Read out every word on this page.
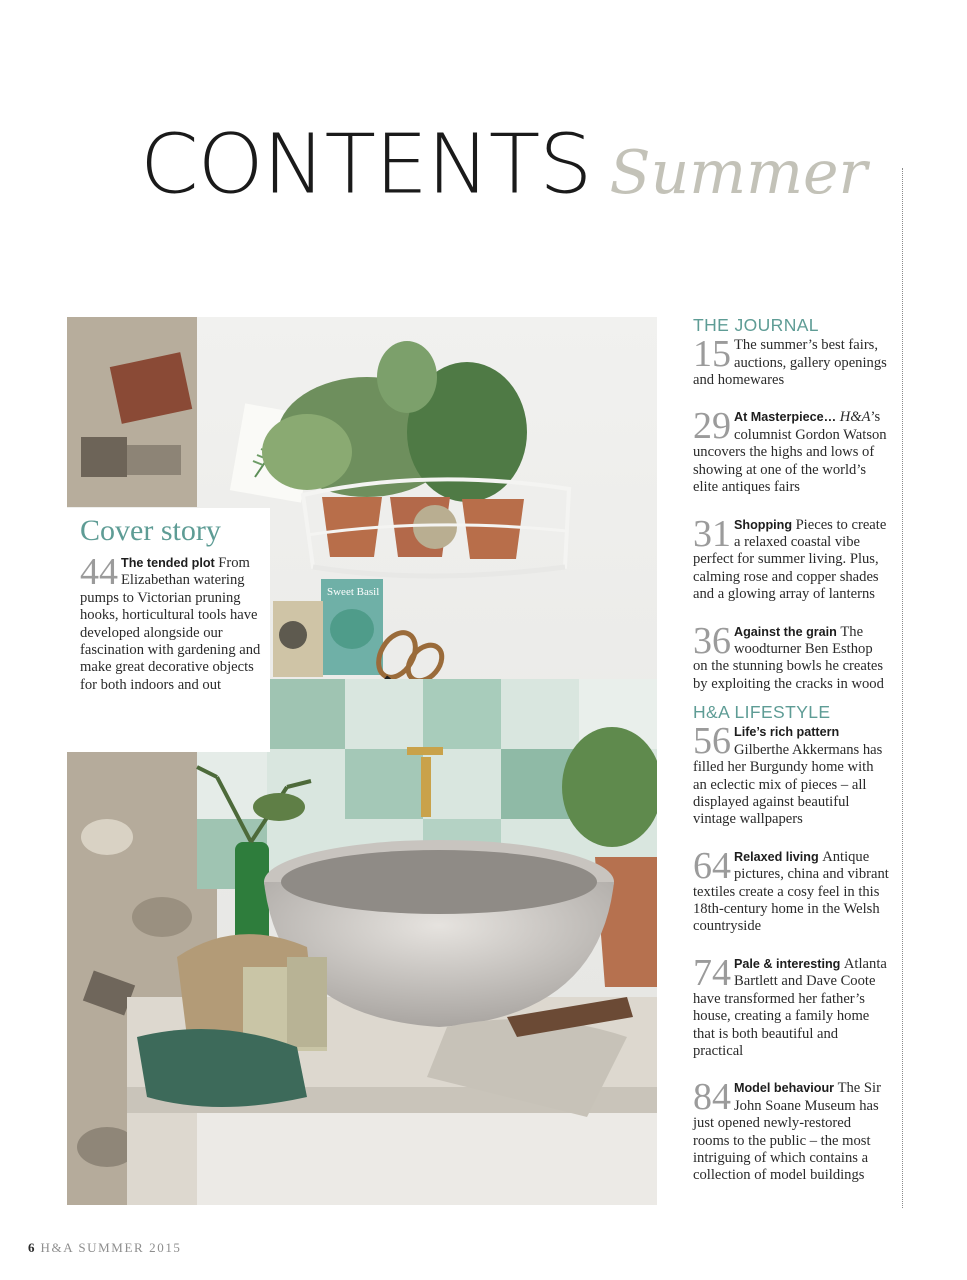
CONTENTS Summer
Sweet Basil
Cover story
44 The tended plot From Elizabethan watering pumps to Victorian pruning hooks, horticultural tools have developed alongside our fascination with gardening and make great decorative objects for both indoors and out
THE JOURNAL
15 The summer’s best fairs, auctions, gallery openings and homewares
29 At Masterpiece… H&A’s columnist Gordon Watson uncovers the highs and lows of showing at one of the world’s elite antiques fairs
31 Shopping Pieces to create a relaxed coastal vibe perfect for summer living. Plus, calming rose and copper shades and a glowing array of lanterns
36 Against the grain The woodturner Ben Esthop on the stunning bowls he creates by exploiting the cracks in wood
H&A LIFESTYLE
56 Life’s rich pattern Gilberthe Akkermans has filled her Burgundy home with an eclectic mix of pieces – all displayed against beautiful vintage wallpapers
64 Relaxed living Antique pictures, china and vibrant textiles create a cosy feel in this 18th-century home in the Welsh countryside
74 Pale & interesting Atlanta Bartlett and Dave Coote have transformed her father’s house, creating a family home that is both beautiful and practical
84 Model behaviour The Sir John Soane Museum has just opened newly-restored rooms to the public – the most intriguing of which contains a collection of model buildings
6 H&A SUMMER 2015
